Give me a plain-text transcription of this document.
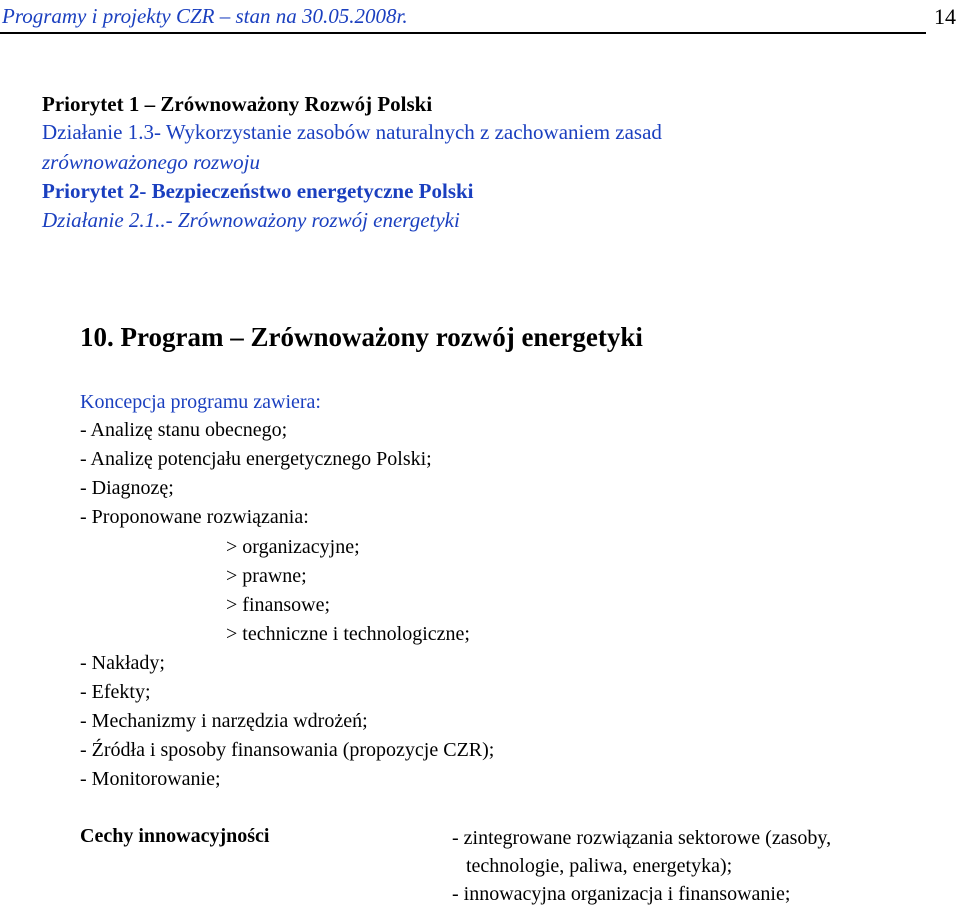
Programy i projekty CZR – stan na 30.05.2008r.	14
Priorytet 1 – Zrównoważony Rozwój Polski
Działanie 1.3- Wykorzystanie zasobów naturalnych z zachowaniem zasad
zrównoważonego rozwoju
Priorytet 2- Bezpieczeństwo energetyczne Polski
Działanie 2.1..- Zrównoważony rozwój energetyki
10. Program – Zrównoważony rozwój energetyki
Koncepcja programu zawiera:
- Analizę stanu obecnego;
- Analizę potencjału energetycznego Polski;
- Diagnozę;
- Proponowane rozwiązania:
> organizacyjne;
> prawne;
> finansowe;
> techniczne i technologiczne;
- Nakłady;
- Efekty;
- Mechanizmy i narzędzia wdrożeń;
- Źródła i sposoby finansowania (propozycje CZR);
- Monitorowanie;
Cechy innowacyjności	- zintegrowane rozwiązania sektorowe (zasoby,
technologie, paliwa, energetyka);
- innowacyjna organizacja i finansowanie;
